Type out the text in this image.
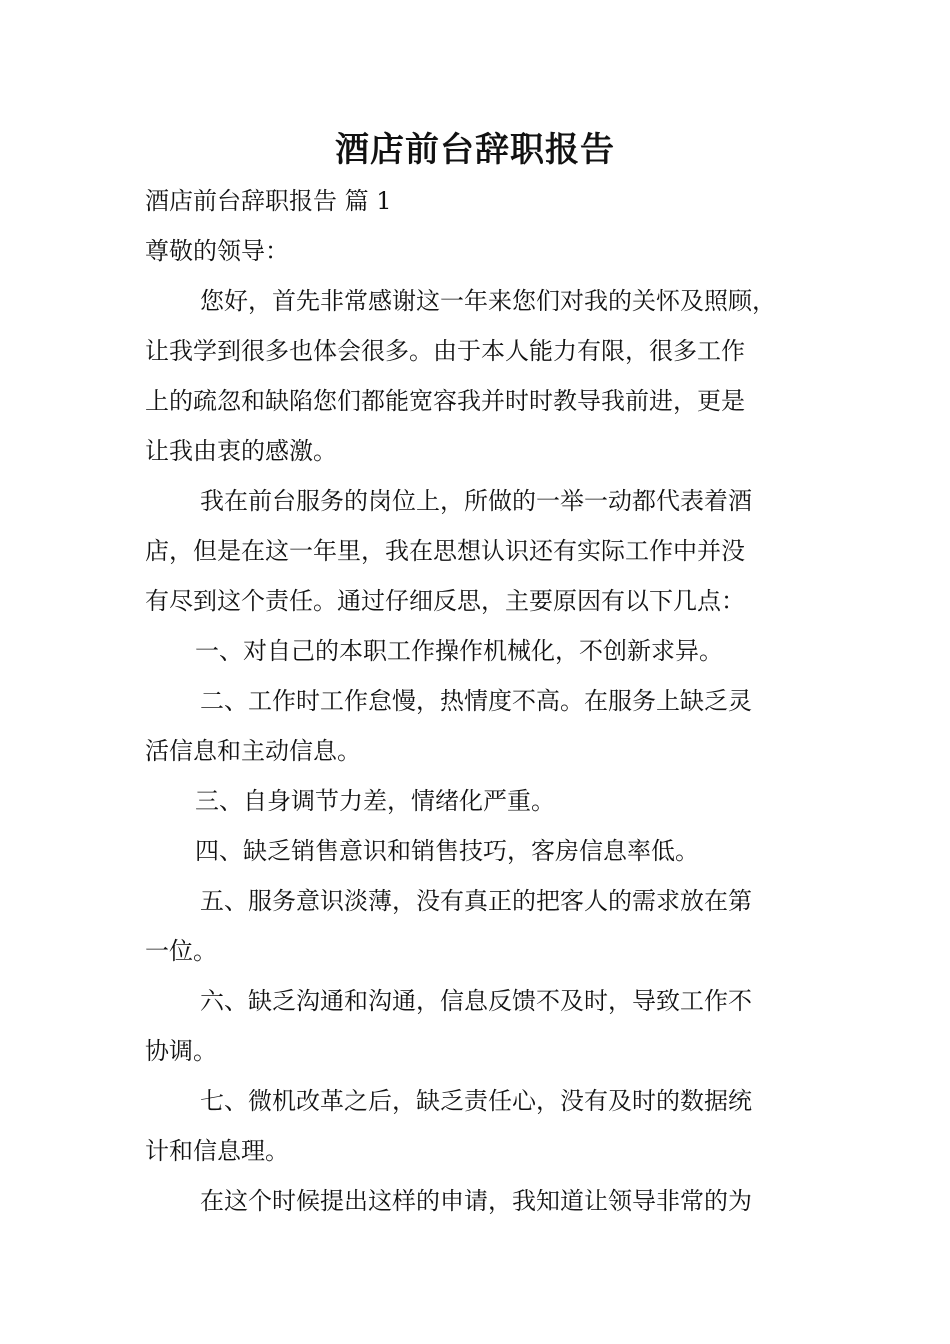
酒店前台辞职报告

酒店前台辞职报告 篇 1

尊敬的领导：

您好，首先非常感谢这一年来您们对我的关怀及照顾，

让我学到很多也体会很多。由于本人能力有限，很多工作

上的疏忽和缺陷您们都能宽容我并时时教导我前进，更是

让我由衷的感激。

我在前台服务的岗位上，所做的一举一动都代表着酒

店，但是在这一年里，我在思想认识还有实际工作中并没

有尽到这个责任。通过仔细反思，主要原因有以下几点：

一、对自己的本职工作操作机械化，不创新求异。

二、工作时工作怠慢，热情度不高。在服务上缺乏灵

活信息和主动信息。

三、自身调节力差，情绪化严重。

四、缺乏销售意识和销售技巧，客房信息率低。

五、服务意识淡薄，没有真正的把客人的需求放在第

一位。

六、缺乏沟通和沟通，信息反馈不及时，导致工作不

协调。

七、微机改革之后，缺乏责任心，没有及时的数据统

计和信息理。

在这个时候提出这样的申请，我知道让领导非常的为
